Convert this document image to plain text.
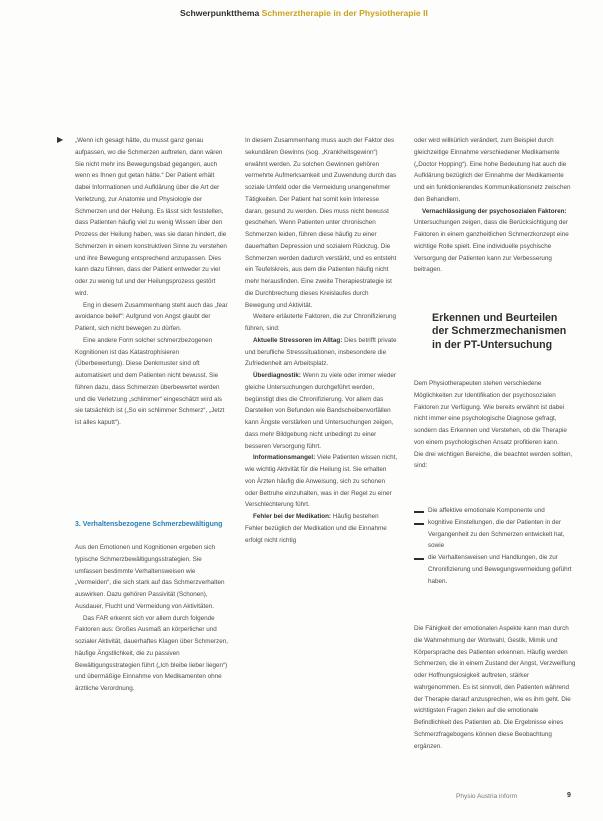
Schwerpunktthema Schmerztherapie in der Physiotherapie II
▶ „Wenn ich gesagt hätte, du musst ganz genau aufpassen, wo die Schmerzen auftreten, dann wären Sie nicht mehr ins Bewegungsbad gegangen, auch wenn es Ihnen gut getan hätte.“ Der Patient erhält dabei Informationen und Aufklärung über die Art der Verletzung, zur Anatomie und Physiologie der Schmerzen und der Heilung. Es lässt sich feststellen, dass Patienten häufig viel zu wenig Wissen über den Prozess der Heilung haben, was sie daran hindert, die Schmerzen in einem konstruktiven Sinne zu verstehen und ihre Bewegung entsprechend anzupassen. Dies kann dazu führen, dass der Patient entweder zu viel oder zu wenig tut und der Heilungsprozess gestört wird.

Eng in diesem Zusammenhang steht auch das „fear avoidance belief“: Aufgrund von Angst glaubt der Patient, sich nicht bewegen zu dürfen.

Eine andere Form solcher schmerzbezogenen Kognitionen ist das Katastrophisieren (Überbewertung). Diese Denkmuster sind oft automatisiert und dem Patienten nicht bewusst. Sie führen dazu, dass Schmerzen überbewertet werden und die Verletzung „schlimmer“ eingeschätzt wird als sie tatsächlich ist („So ein schlimmer Schmerz“, „Jetzt ist alles kaputt“).

3. Verhaltensbezogene Schmerzbewältigung

Aus den Emotionen und Kognitionen ergeben sich typische Schmerzbewältigungsstrategien. Sie umfassen bestimmte Verhaltensweisen wie „Vermeiden“, die sich stark auf das Schmerzverhalten auswirken. Dazu gehören Passivität (Schonen), Ausdauer, Flucht und Vermeidung von Aktivitäten.

Das FAR erkennt sich vor allem durch folgende Faktoren aus: Großes Ausmaß an körperlicher und sozialer Aktivität, dauerhaftes Klagen über Schmerzen, häufige Ängstlichkeit, die zu passiven Bewältigungsstrategien führt („Ich bleibe lieber liegen“) und übermäßige Einnahme von Medikamenten ohne ärztliche Verordnung.

In diesem Zusammenhang muss auch der Faktor des sekundären Gewinns (sog. „Krankheitsgewinn“) erwähnt werden. Zu solchen Gewinnen gehören vermehrte Aufmerksamkeit und Zuwendung durch das soziale Umfeld oder die Vermeidung unangenehmer Tätigkeiten. Der Patient hat somit kein Interesse daran, gesund zu werden. Dies muss nicht bewusst geschehen. Wenn Patienten unter chronischen Schmerzen leiden, führen diese häufig zu einer dauerhaften Depression und sozialem Rückzug. Die Schmerzen werden dadurch verstärkt, und es entsteht ein Teufelskreis, aus dem die Patienten häufig nicht mehr herausfinden. Eine zweite Therapiestrategie ist die Durchbrechung dieses Kreislaufes durch Bewegung und Aktivität.

Weitere erläuterte Faktoren, die zur Chronifizierung führen, sind:

Aktuelle Stressoren im Alltag: Dies betrifft private und berufliche Stresssituationen, insbesondere die Zufriedenheit am Arbeitsplatz.

Überdiagnostik: Wenn zu viele oder immer wieder gleiche Untersuchungen durchgeführt werden, begünstigt dies die Chronifizierung. Vor allem das Darstellen von Befunden wie Bandscheibenvorfällen kann Ängste verstärken und Untersuchungen zeigen, dass mehr Bildgebung nicht unbedingt zu einer besseren Versorgung führt.

Informationsmangel: Viele Patienten wissen nicht, wie wichtig Aktivität für die Heilung ist. Sie erhalten von Ärzten häufig die Anweisung, sich zu schonen oder Bettruhe einzuhalten, was in der Regel zu einer Verschlechterung führt.

Fehler bei der Medikation: Häufig bestehen Fehler bezüglich der Medikation und die Einnahme erfolgt nicht richtig

oder wird willkürlich verändert, zum Beispiel durch gleichzeitige Einnahme verschiedener Medikamente („Doctor Hopping“). Eine hohe Bedeutung hat auch die Aufklärung bezüglich der Einnahme der Medikamente und ein funktionierendes Kommunikationsnetz zwischen den Behandlern.

Vernachlässigung der psychosozialen Faktoren: Untersuchungen zeigen, dass die Berücksichtigung der Faktoren in einem ganzheitlichen Schmerzkonzept eine wichtige Rolle spielt. Eine individuelle psychische Versorgung der Patienten kann zur Verbesserung beitragen.

Erkennen und Beurteilen der Schmerzmechanismen in der PT-Untersuchung

Dem Physiotherapeuten stehen verschiedene Möglichkeiten zur Identifikation der psychosozialen Faktoren zur Verfügung. Wie bereits erwähnt ist dabei nicht immer eine psychologische Diagnose gefragt, sondern das Erkennen und Verstehen, ob die Therapie von einem psychologischen Ansatz profitieren kann.

Die drei wichtigen Bereiche, die beachtet werden sollten, sind:

Die affektive emotionale Komponente und
kognitive Einstellungen, die der Patienten in der Vergangenheit zu den Schmerzen entwickelt hat, sowie
die Verhaltensweisen und Handlungen, die zur Chronifizierung und Bewegungsvermeidung geführt haben.

Die Fähigkeit der emotionalen Aspekte kann man durch die Wahrnehmung der Wortwahl, Gestik, Mimik und Körpersprache des Patienten erkennen. Häufig werden Schmerzen, die in einem Zustand der Angst, Verzweiflung oder Hoffnungslosigkeit auftreten, stärker wahrgenommen. Es ist sinnvoll, den Patienten während der Therapie darauf anzusprechen, wie es ihm geht. Die wichtigsten Fragen zielen auf die emotionale Befindlichkeit des Patienten ab. Die Ergebnisse eines Schmerzfragebogens können diese Beobachtung ergänzen.

Physio Austria inform	9
